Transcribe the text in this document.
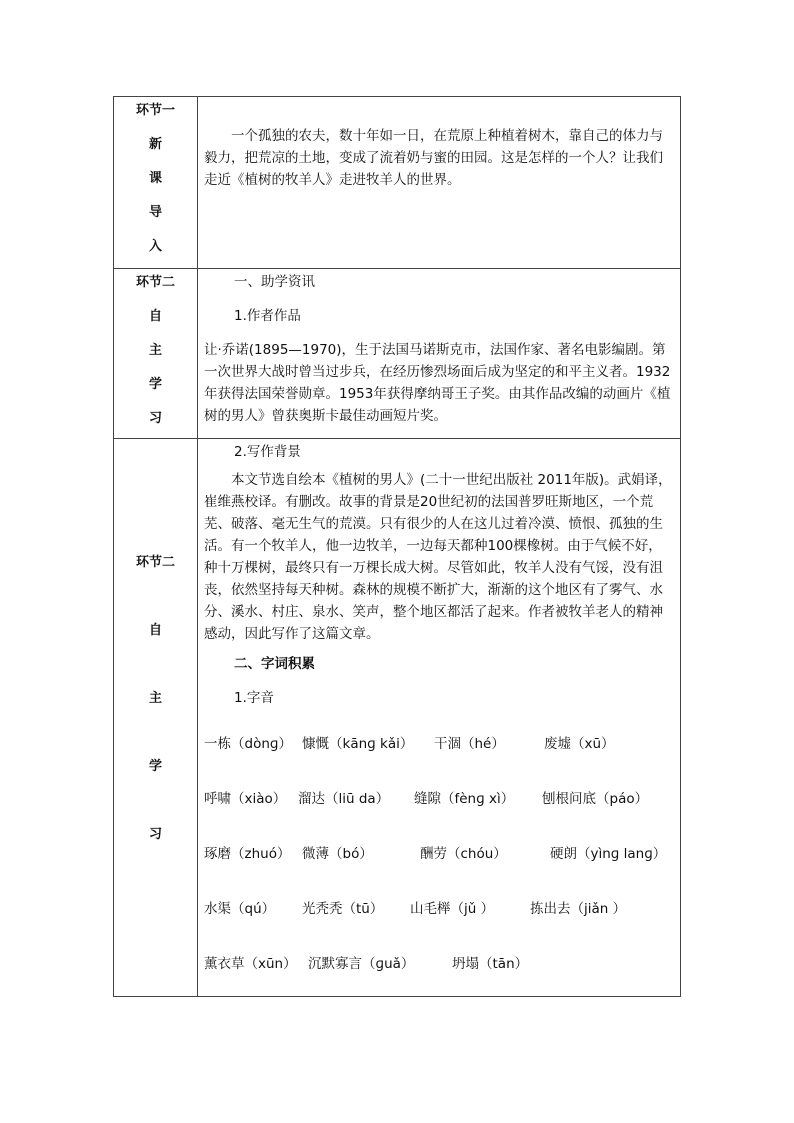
环节一
新
课
导
入
一个孤独的农夫，数十年如一日，在荒原上种植着树木，靠自己的体力与毅力，把荒凉的土地，变成了流着奶与蜜的田园。这是怎样的一个人？让我们走近《植树的牧羊人》走进牧羊人的世界。
环节二
自
主
学
习
一、助学资讯
1.作者作品
让·乔诺(1895—1970)，生于法国马诺斯克市，法国作家、著名电影编剧。第一次世界大战时曾当过步兵，在经历惨烈场面后成为坚定的和平主义者。1932 年获得法国荣誉勋章。1953年获得摩纳哥王子奖。由其作品改编的动画片《植树的男人》曾获奥斯卡最佳动画短片奖。
环节二
自
主
学
习
2.写作背景
本文节选自绘本《植树的男人》(二十一世纪出版社 2011年版)。武娟译，崔维燕校译。有删改。故事的背景是20世纪初的法国普罗旺斯地区，一个荒芜、破落、毫无生气的荒漠。只有很少的人在这儿过着冷漠、愤恨、孤独的生活。有一个牧羊人，他一边牧羊，一边每天都种100棵橡树。由于气候不好，种十万棵树，最终只有一万棵长成大树。尽管如此，牧羊人没有气馁，没有沮丧，依然坚持每天种树。森林的规模不断扩大，渐渐的这个地区有了雾气、水分、溪水、村庄、泉水、笑声，整个地区都活了起来。作者被牧羊老人的精神感动，因此写作了这篇文章。
二、字词积累
1.字音
一栋（dònɡ） 慷慨（kānɡ kǎi） 干涸（hé）	废墟（xū）
呼啸（xiào） 溜达（liū da） 缝隙（fènɡ xì） 刨根问底（páo）
琢磨（zhuó） 微薄（bó）	酬劳（chóu）	硬朗（yìnɡ lanɡ）
水渠（qú） 光秃秃（tū） 山毛榉（jǔ ）	拣出去（jiǎn ）
薰衣草（xūn） 沉默寡言（ɡuǎ）	坍塌（tān）
